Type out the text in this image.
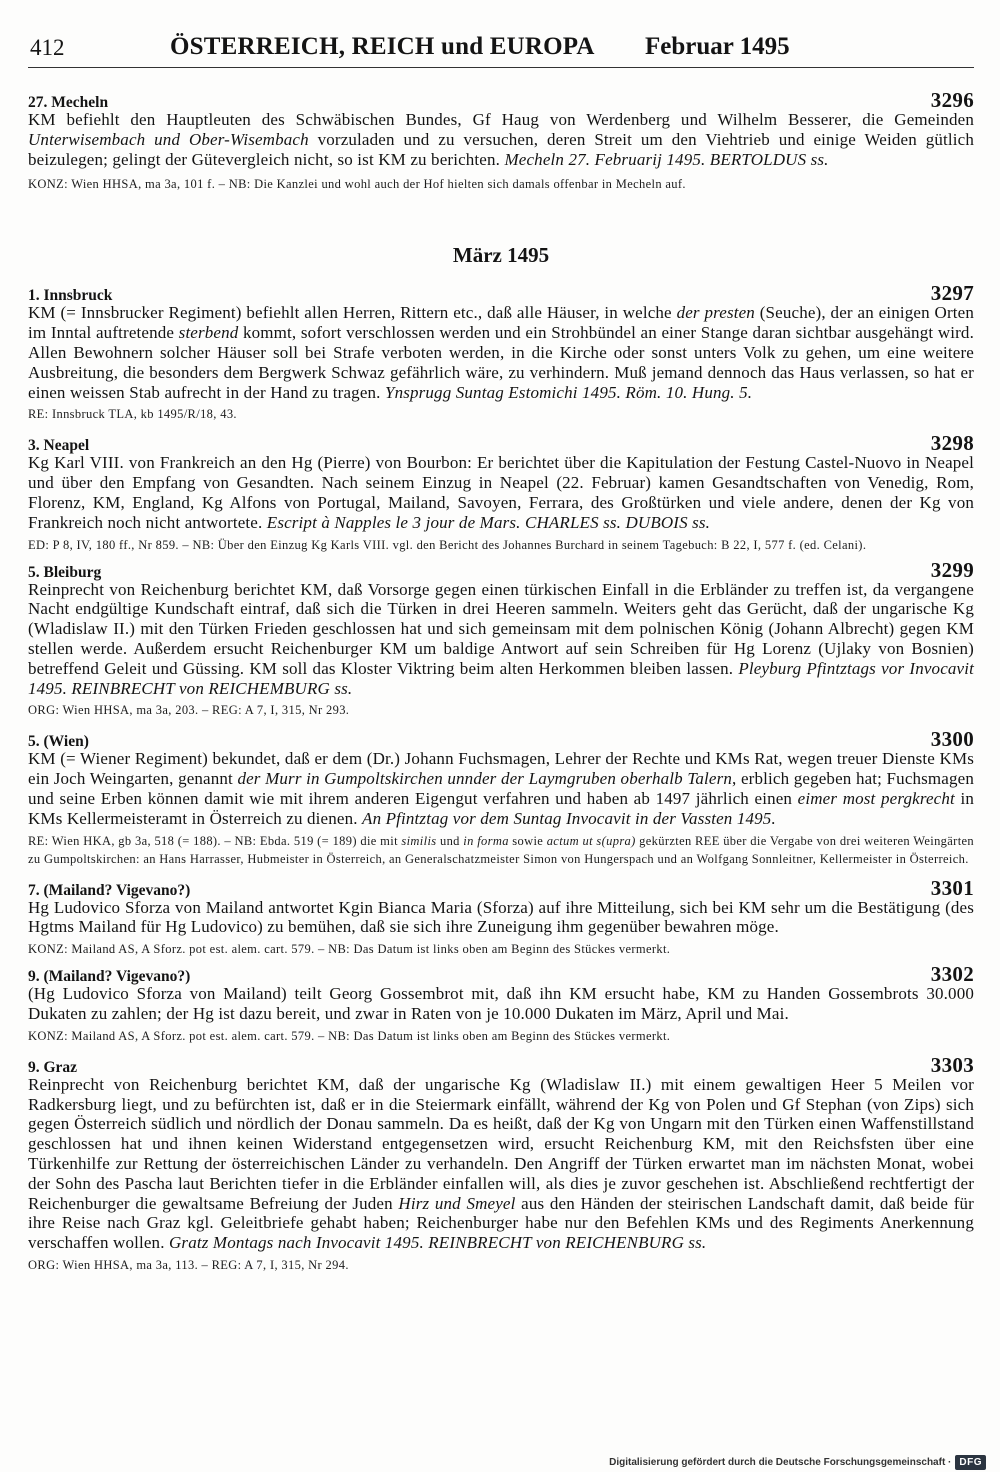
412	ÖSTERREICH, REICH und EUROPA Februar 1495
27. Mecheln	3296

KM befiehlt den Hauptleuten des Schwäbischen Bundes, Gf Haug von Werdenberg und Wilhelm Besserer, die Gemeinden Unterwisembach und Ober-Wisembach vorzuladen und zu versuchen, deren Streit um den Viehtrieb und einige Weiden gütlich beizulegen; gelingt der Gütevergleich nicht, so ist KM zu berichten. Mecheln 27. Februarij 1495. BERTOLDUS ss.

KONZ: Wien HHSA, ma 3a, 101 f. – NB: Die Kanzlei und wohl auch der Hof hielten sich damals offenbar in Mecheln auf.

März 1495
1. Innsbruck	3297

KM (= Innsbrucker Regiment) befiehlt allen Herren, Rittern etc., daß alle Häuser, in welche der presten (Seuche), der an einigen Orten im Inntal auftretende sterbend kommt, sofort verschlossen werden und ein Strohbündel an einer Stange daran sichtbar ausgehängt wird. Allen Bewohnern solcher Häuser soll bei Strafe verboten werden, in die Kirche oder sonst unters Volk zu gehen, um eine weitere Ausbreitung, die besonders dem Bergwerk Schwaz gefährlich wäre, zu verhindern. Muß jemand dennoch das Haus verlassen, so hat er einen weissen Stab aufrecht in der Hand zu tragen. Ynsprugg Suntag Estomichi 1495. Röm. 10. Hung. 5.

RE: Innsbruck TLA, kb 1495/R/18, 43.

3. Neapel	3298

Kg Karl VIII. von Frankreich an den Hg (Pierre) von Bourbon: Er berichtet über die Kapitulation der Festung Castel-Nuovo in Neapel und über den Empfang von Gesandten. Nach seinem Einzug in Neapel (22. Februar) kamen Gesandtschaften von Venedig, Rom, Florenz, KM, England, Kg Alfons von Portugal, Mailand, Savoyen, Ferrara, des Großtürken und viele andere, denen der Kg von Frankreich noch nicht antwortete. Escript à Napples le 3 jour de Mars. CHARLES ss. DUBOIS ss.

ED: P 8, IV, 180 ff., Nr 859. – NB: Über den Einzug Kg Karls VIII. vgl. den Bericht des Johannes Burchard in seinem Tagebuch: B 22, I, 577 f. (ed. Celani).

5. Bleiburg	3299

Reinprecht von Reichenburg berichtet KM, daß Vorsorge gegen einen türkischen Einfall in die Erbländer zu treffen ist, da vergangene Nacht endgültige Kundschaft eintraf, daß sich die Türken in drei Heeren sammeln. Weiters geht das Gerücht, daß der ungarische Kg (Wladislaw II.) mit den Türken Frieden geschlossen hat und sich gemeinsam mit dem polnischen König (Johann Albrecht) gegen KM stellen werde. Außerdem ersucht Reichenburger KM um baldige Antwort auf sein Schreiben für Hg Lorenz (Ujlaky von Bosnien) betreffend Geleit und Güssing. KM soll das Kloster Viktring beim alten Herkommen bleiben lassen. Pleyburg Pfintztags vor Invocavit 1495. REINBRECHT von REICHEMBURG ss.

ORG: Wien HHSA, ma 3a, 203. – REG: A 7, I, 315, Nr 293.

5. (Wien)	3300

KM (= Wiener Regiment) bekundet, daß er dem (Dr.) Johann Fuchsmagen, Lehrer der Rechte und KMs Rat, wegen treuer Dienste KMs ein Joch Weingarten, genannt der Murr in Gumpoltskirchen unnder der Laymgruben oberhalb Talern, erblich gegeben hat; Fuchsmagen und seine Erben können damit wie mit ihrem anderen Eigengut verfahren und haben ab 1497 jährlich einen eimer most pergkrecht in KMs Kellermeisteramt in Österreich zu dienen. An Pfintztag vor dem Suntag Invocavit in der Vassten 1495.

RE: Wien HKA, gb 3a, 518 (= 188). – NB: Ebda. 519 (= 189) die mit similis und in forma sowie actum ut s(upra) gekürzten REE über die Vergabe von drei weiteren Weingärten zu Gumpoltskirchen: an Hans Harrasser, Hubmeister in Österreich, an Generalschatzmeister Simon von Hungerspach und an Wolfgang Sonnleitner, Kellermeister in Österreich.

7. (Mailand? Vigevano?)	3301

Hg Ludovico Sforza von Mailand antwortet Kgin Bianca Maria (Sforza) auf ihre Mitteilung, sich bei KM sehr um die Bestätigung (des Hgtms Mailand für Hg Ludovico) zu bemühen, daß sie sich ihre Zuneigung ihm gegenüber bewahren möge.

KONZ: Mailand AS, A Sforz. pot est. alem. cart. 579. – NB: Das Datum ist links oben am Beginn des Stückes vermerkt.

9. (Mailand? Vigevano?)	3302

(Hg Ludovico Sforza von Mailand) teilt Georg Gossembrot mit, daß ihn KM ersucht habe, KM zu Handen Gossembrots 30.000 Dukaten zu zahlen; der Hg ist dazu bereit, und zwar in Raten von je 10.000 Dukaten im März, April und Mai.

KONZ: Mailand AS, A Sforz. pot est. alem. cart. 579. – NB: Das Datum ist links oben am Beginn des Stückes vermerkt.

9. Graz	3303

Reinprecht von Reichenburg berichtet KM, daß der ungarische Kg (Wladislaw II.) mit einem gewaltigen Heer 5 Meilen vor Radkersburg liegt, und zu befürchten ist, daß er in die Steiermark einfällt, während der Kg von Polen und Gf Stephan (von Zips) sich gegen Österreich südlich und nördlich der Donau sammeln. Da es heißt, daß der Kg von Ungarn mit den Türken einen Waffenstillstand geschlossen hat und ihnen keinen Widerstand entgegensetzen wird, ersucht Reichenburg KM, mit den Reichsfsten über eine Türkenhilfe zur Rettung der österreichischen Länder zu verhandeln. Den Angriff der Türken erwartet man im nächsten Monat, wobei der Sohn des Pascha laut Berichten tiefer in die Erbländer einfallen will, als dies je zuvor geschehen ist. Abschließend rechtfertigt der Reichenburger die gewaltsame Befreiung der Juden Hirz und Smeyel aus den Händen der steirischen Landschaft damit, daß beide für ihre Reise nach Graz kgl. Geleitbriefe gehabt haben; Reichenburger habe nur den Befehlen KMs und des Regiments Anerkennung verschaffen wollen. Gratz Montags nach Invocavit 1495. REINBRECHT von REICHENBURG ss.

ORG: Wien HHSA, ma 3a, 113. – REG: A 7, I, 315, Nr 294.

Digitalisierung gefördert durch die Deutsche Forschungsgemeinschaft · DFG
